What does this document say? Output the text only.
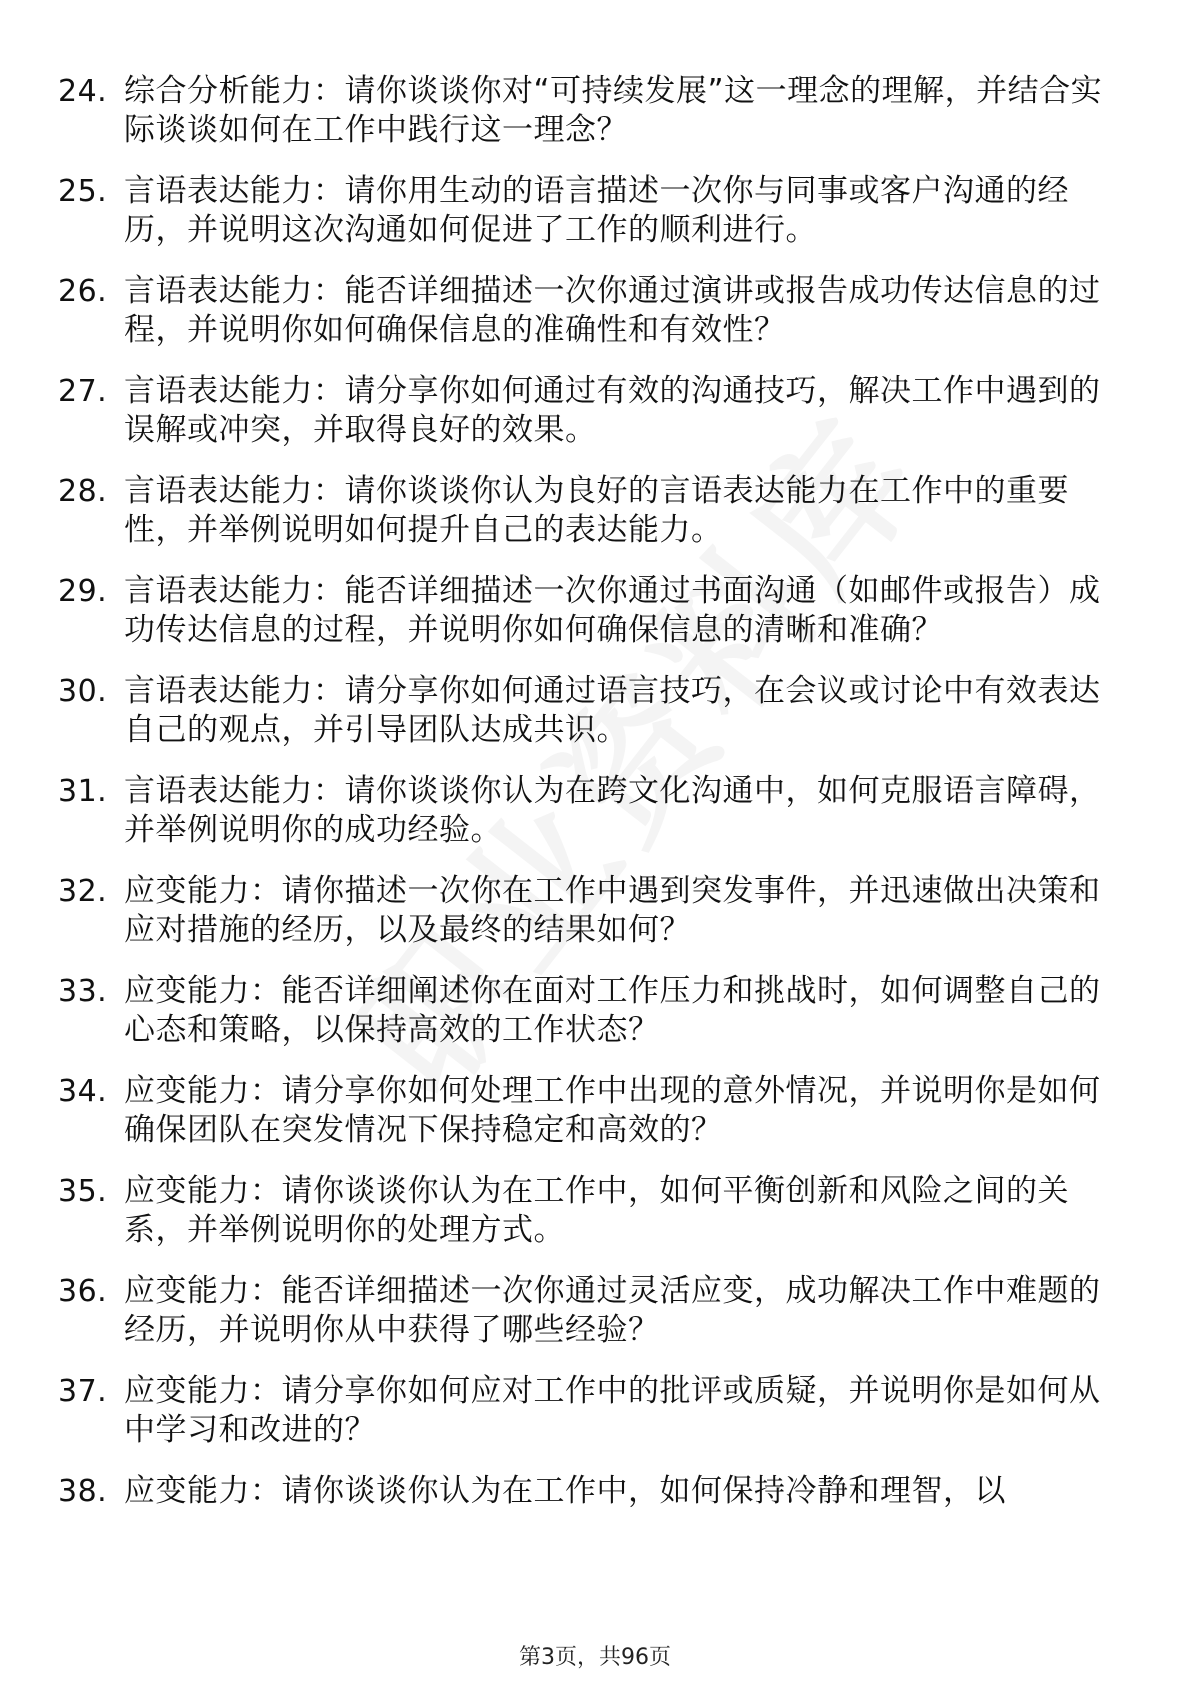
24. 综合分析能力：请你谈谈你对“可持续发展”这一理念的理解，并结合实际谈谈如何在工作中践行这一理念？
25. 言语表达能力：请你用生动的语言描述一次你与同事或客户沟通的经历，并说明这次沟通如何促进了工作的顺利进行。
26. 言语表达能力：能否详细描述一次你通过演讲或报告成功传达信息的过程，并说明你如何确保信息的准确性和有效性？
27. 言语表达能力：请分享你如何通过有效的沟通技巧，解决工作中遇到的误解或冲突，并取得良好的效果。
28. 言语表达能力：请你谈谈你认为良好的言语表达能力在工作中的重要性，并举例说明如何提升自己的表达能力。
29. 言语表达能力：能否详细描述一次你通过书面沟通（如邮件或报告）成功传达信息的过程，并说明你如何确保信息的清晰和准确？
30. 言语表达能力：请分享你如何通过语言技巧，在会议或讨论中有效表达自己的观点，并引导团队达成共识。
31. 言语表达能力：请你谈谈你认为在跨文化沟通中，如何克服语言障碍，并举例说明你的成功经验。
32. 应变能力：请你描述一次你在工作中遇到突发事件，并迅速做出决策和应对措施的经历，以及最终的结果如何？
33. 应变能力：能否详细阐述你在面对工作压力和挑战时，如何调整自己的心态和策略，以保持高效的工作状态？
34. 应变能力：请分享你如何处理工作中出现的意外情况，并说明你是如何确保团队在突发情况下保持稳定和高效的？
35. 应变能力：请你谈谈你认为在工作中，如何平衡创新和风险之间的关系，并举例说明你的处理方式。
36. 应变能力：能否详细描述一次你通过灵活应变，成功解决工作中难题的经历，并说明你从中获得了哪些经验？
37. 应变能力：请分享你如何应对工作中的批评或质疑，并说明你是如何从中学习和改进的？
38. 应变能力：请你谈谈你认为在工作中，如何保持冷静和理智，以
第3页，共96页
